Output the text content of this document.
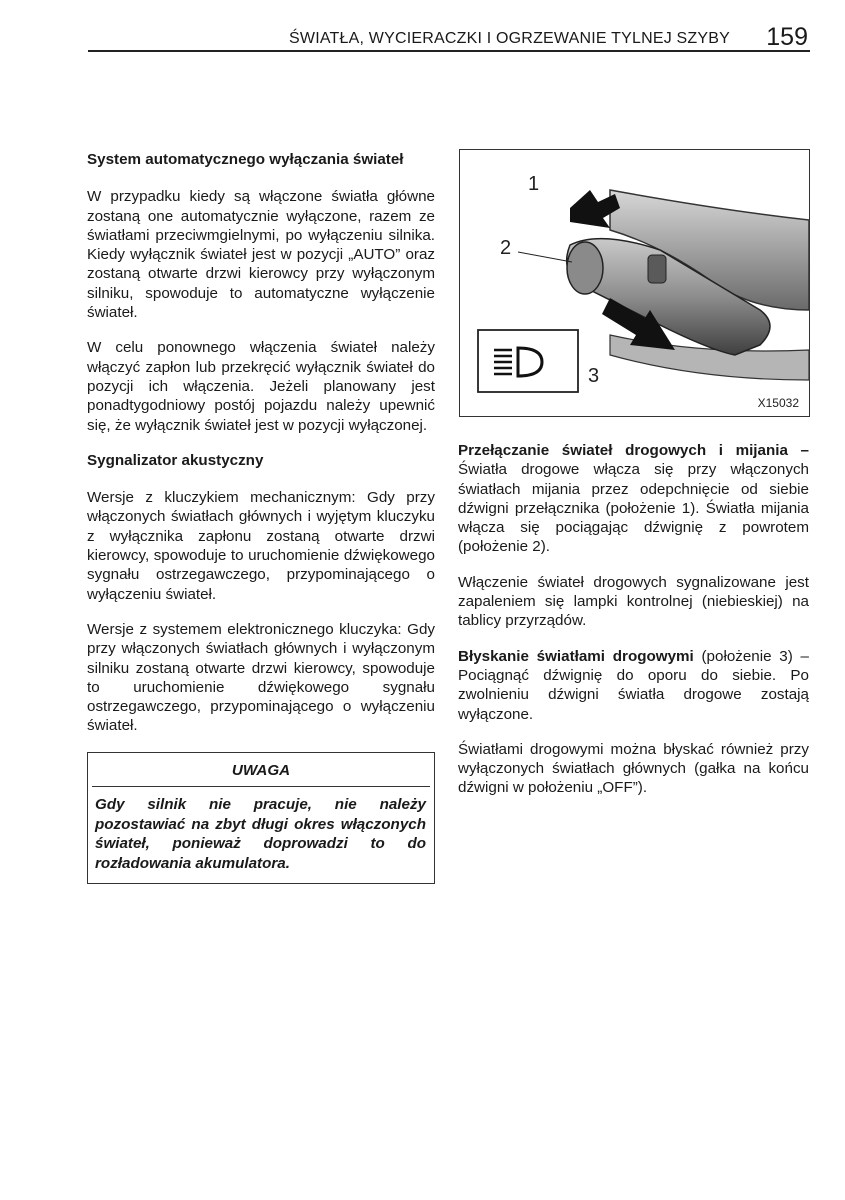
ŚWIATŁA, WYCIERACZKI I OGRZEWANIE TYLNEJ SZYBY 159
System automatycznego wyłączania świateł

W przypadku kiedy są włączone światła główne zostaną one automatycznie wyłączone, razem ze światłami przeciwmgielnymi, po wyłączeniu silnika. Kiedy wyłącznik świateł jest w pozycji „AUTO” oraz zostaną otwarte drzwi kierowcy przy wyłączonym silniku, spowoduje to automatyczne wyłączenie świateł.

W celu ponownego włączenia świateł należy włączyć zapłon lub przekręcić wyłącznik świateł do pozycji ich włączenia. Jeżeli planowany jest ponadtygodniowy postój pojazdu należy upewnić się, że wyłącznik świateł jest w pozycji wyłączonej.

Sygnalizator akustyczny

Wersje z kluczykiem mechanicznym: Gdy przy włączonych światłach głównych i wyjętym kluczyku z wyłącznika zapłonu zostaną otwarte drzwi kierowcy, spowoduje to uruchomienie dźwiękowego sygnału ostrzegawczego, przypominającego o wyłączeniu świateł.

Wersje z systemem elektronicznego kluczyka: Gdy przy włączonych światłach głównych i wyłączonym silniku zostaną otwarte drzwi kierowcy, spowoduje to uruchomienie dźwiękowego sygnału ostrzegawczego, przypominającego o wyłączeniu świateł.

UWAGA
Gdy silnik nie pracuje, nie należy pozostawiać na zbyt długi okres włączonych świateł, ponieważ doprowadzi to do rozładowania akumulatora.
1
2
3
X15032

Przełączanie świateł drogowych i mijania – Światła drogowe włącza się przy włączonych światłach mijania przez odepchnięcie od siebie dźwigni przełącznika (położenie 1). Światła mijania włącza się pociągając dźwignię z powrotem (położenie 2).

Włączenie świateł drogowych sygnalizowane jest zapaleniem się lampki kontrolnej (niebieskiej) na tablicy przyrządów.

Błyskanie światłami drogowymi (położenie 3) – Pociągnąć dźwignię do oporu do siebie. Po zwolnieniu dźwigni światła drogowe zostają wyłączone.

Światłami drogowymi można błyskać również przy wyłączonych światłach głównych (gałka na końcu dźwigni w położeniu „OFF”).
